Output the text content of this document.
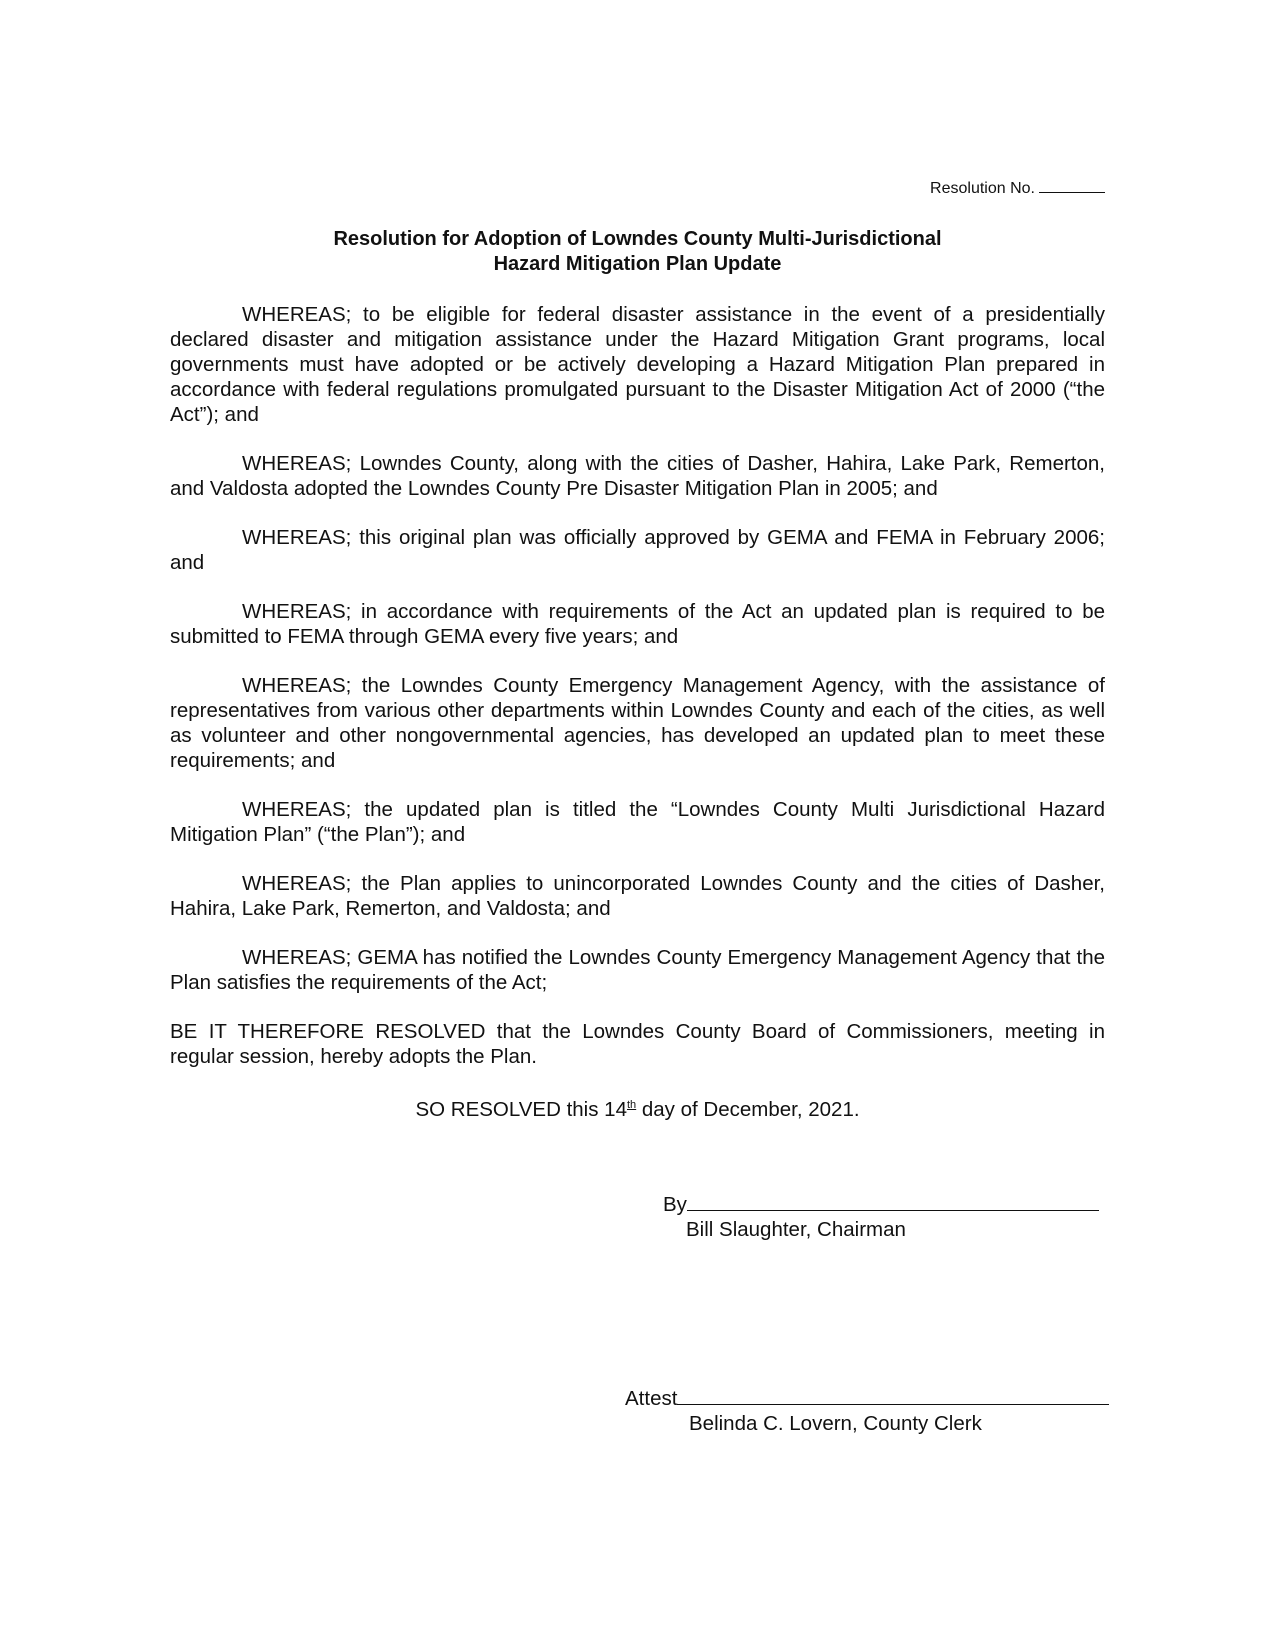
Resolution No.
Resolution for Adoption of Lowndes County Multi-Jurisdictional
Hazard Mitigation Plan Update

WHEREAS; to be eligible for federal disaster assistance in the event of a presidentially declared disaster and mitigation assistance under the Hazard Mitigation Grant programs, local governments must have adopted or be actively developing a Hazard Mitigation Plan prepared in accordance with federal regulations promulgated pursuant to the Disaster Mitigation Act of 2000 (“the Act”); and

WHEREAS; Lowndes County, along with the cities of Dasher, Hahira, Lake Park, Remerton, and Valdosta adopted the Lowndes County Pre Disaster Mitigation Plan in 2005; and

WHEREAS; this original plan was officially approved by GEMA and FEMA in February 2006; and

WHEREAS; in accordance with requirements of the Act an updated plan is required to be submitted to FEMA through GEMA every five years; and

WHEREAS; the Lowndes County Emergency Management Agency, with the assistance of representatives from various other departments within Lowndes County and each of the cities, as well as volunteer and other nongovernmental agencies, has developed an updated plan to meet these requirements; and

WHEREAS; the updated plan is titled the “Lowndes County Multi Jurisdictional Hazard Mitigation Plan” (“the Plan”); and

WHEREAS; the Plan applies to unincorporated Lowndes County and the cities of Dasher, Hahira, Lake Park, Remerton, and Valdosta; and

WHEREAS; GEMA has notified the Lowndes County Emergency Management Agency that the Plan satisfies the requirements of the Act;

BE IT THEREFORE RESOLVED that the Lowndes County Board of Commissioners, meeting in regular session, hereby adopts the Plan.

SO RESOLVED this 14th day of December, 2021.

By
Bill Slaughter, Chairman
Attest
Belinda C. Lovern, County Clerk
